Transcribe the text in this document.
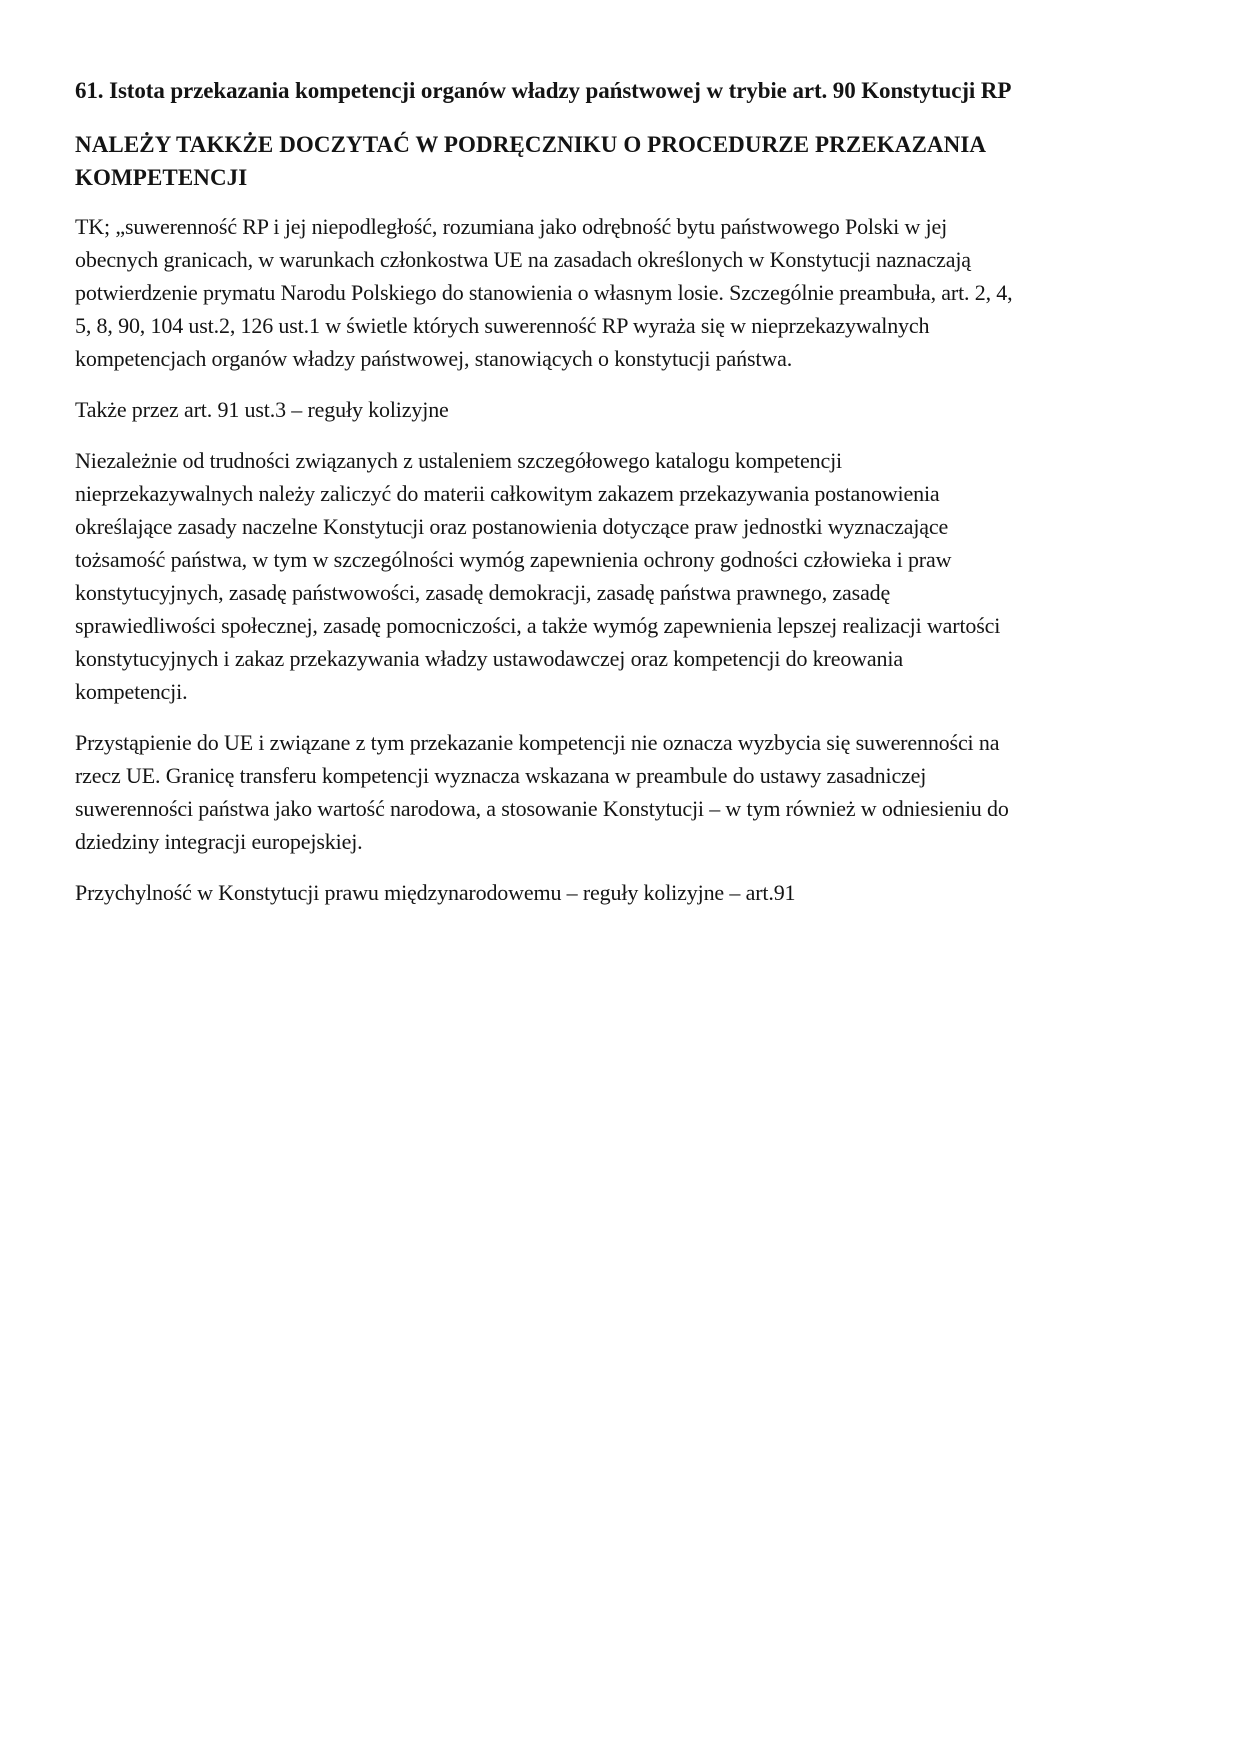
61. Istota przekazania kompetencji organów władzy państwowej w trybie art. 90 Konstytucji RP
NALEŻY TAKKŻE DOCZYTAĆ W PODRĘCZNIKU O PROCEDURZE PRZEKAZANIA
KOMPETENCJI

TK; „suwerenność RP i jej niepodległość, rozumiana jako odrębność bytu państwowego Polski w jej
obecnych granicach, w warunkach członkostwa UE na zasadach określonych w Konstytucji naznaczają
potwierdzenie prymatu Narodu Polskiego do stanowienia o własnym losie. Szczególnie preambuła, art. 2, 4,
5, 8, 90, 104 ust.2, 126 ust.1 w świetle których suwerenność RP wyraża się w nieprzekazywalnych
kompetencjach organów władzy państwowej, stanowiących o konstytucji państwa.

Także przez art. 91 ust.3 – reguły kolizyjne

Niezależnie od trudności związanych z ustaleniem szczegółowego katalogu kompetencji
nieprzekazywalnych należy zaliczyć do materii całkowitym zakazem przekazywania postanowienia
określające zasady naczelne Konstytucji oraz postanowienia dotyczące praw jednostki wyznaczające
tożsamość państwa, w tym w szczególności wymóg zapewnienia ochrony godności człowieka i praw
konstytucyjnych, zasadę państwowości, zasadę demokracji, zasadę państwa prawnego, zasadę
sprawiedliwości społecznej, zasadę pomocniczości, a także wymóg zapewnienia lepszej realizacji wartości
konstytucyjnych i zakaz przekazywania władzy ustawodawczej oraz kompetencji do kreowania
kompetencji.

Przystąpienie do UE i związane z tym przekazanie kompetencji nie oznacza wyzbycia się suwerenności na
rzecz UE. Granicę transferu kompetencji wyznacza wskazana w preambule do ustawy zasadniczej
suwerenności państwa jako wartość narodowa, a stosowanie Konstytucji – w tym również w odniesieniu do
dziedziny integracji europejskiej.

Przychylność w Konstytucji prawu międzynarodowemu – reguły kolizyjne – art.91
